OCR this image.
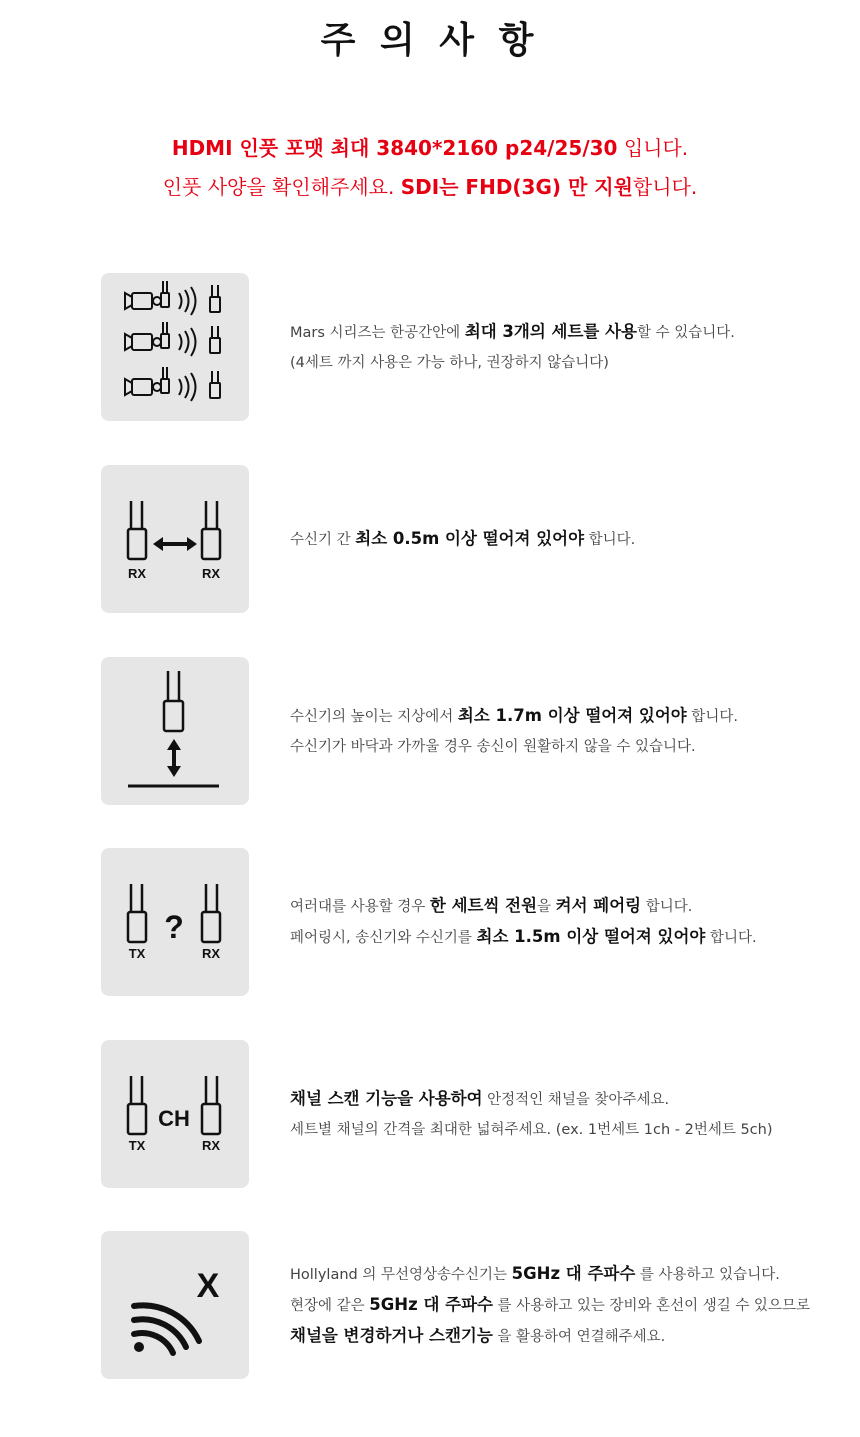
주 의 사 항
HDMI 인풋 포맷 최대 3840*2160 p24/25/30 입니다.
인풋 사양을 확인해주세요. SDI는 FHD(3G) 만 지원합니다.
Mars 시리즈는 한공간안에 최대 3개의 세트를 사용할 수 있습니다.
(4세트 까지 사용은 가능 하나, 권장하지 않습니다)
RX	RX
수신기 간 최소 0.5m 이상 떨어져 있어야 합니다.
수신기의 높이는 지상에서 최소 1.7m 이상 떨어져 있어야 합니다.
수신기가 바닥과 가까울 경우 송신이 원활하지 않을 수 있습니다.
?
TX	RX
여러대를 사용할 경우 한 세트씩 전원을 켜서 페어링 합니다.
페어링시, 송신기와 수신기를 최소 1.5m 이상 떨어져 있어야 합니다.
CH
TX	RX
채널 스캔 기능을 사용하여 안정적인 채널을 찾아주세요.
세트별 채널의 간격을 최대한 넓혀주세요. (ex. 1번세트 1ch - 2번세트 5ch)
X	Hollyland 의 무선영상송수신기는 5GHz 대 주파수 를 사용하고 있습니다.
현장에 같은 5GHz 대 주파수 를 사용하고 있는 장비와 혼선이 생길 수 있으므로
채널을 변경하거나 스캔기능 을 활용하여 연결해주세요.
